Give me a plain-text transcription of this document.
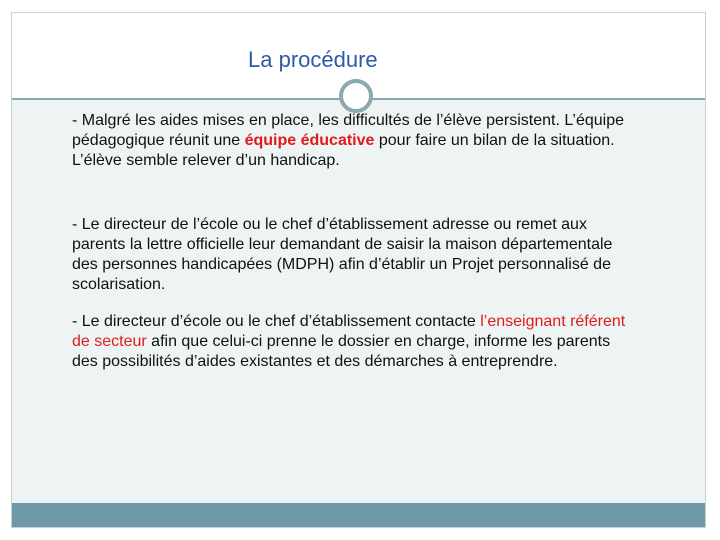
La procédure

- Malgré les aides mises en place, les difficultés de l’élève persistent. L’équipe pédagogique réunit une équipe éducative pour faire un bilan de la situation. L’élève semble relever d’un handicap.

- Le directeur de l’école ou le chef d’établissement adresse ou remet aux parents la lettre officielle leur demandant de saisir la maison départementale des personnes handicapées (MDPH) afin d’établir un Projet personnalisé de scolarisation.

- Le directeur d’école ou le chef d’établissement contacte l’enseignant référent de secteur afin que celui-ci prenne le dossier en charge, informe les parents des possibilités d’aides existantes et des démarches à entreprendre.
